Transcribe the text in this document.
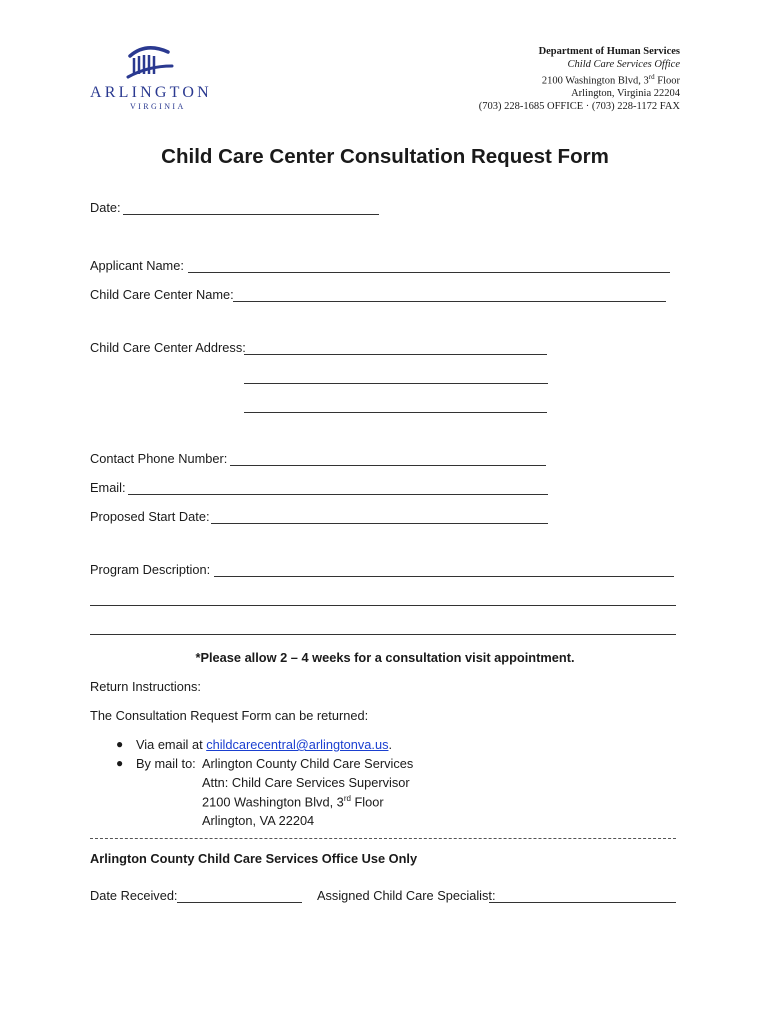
ARLINGTON
VIRGINIA
Department of Human Services
Child Care Services Office
2100 Washington Blvd, 3rd Floor
Arlington, Virginia 22204
(703) 228-1685 OFFICE · (703) 228-1172 FAX
Child Care Center Consultation Request Form
Date:
Applicant Name:
Child Care Center Name:
Child Care Center Address:
Contact Phone Number:
Email:
Proposed Start Date:
Program Description:
*Please allow 2 – 4 weeks for a consultation visit appointment.
Return Instructions:
The Consultation Request Form can be returned:
● Via email at childcarecentral@arlingtonva.us.
● By mail to: Arlington County Child Care Services
Attn: Child Care Services Supervisor
2100 Washington Blvd, 3rd Floor
Arlington, VA 22204
Arlington County Child Care Services Office Use Only
Date Received:	Assigned Child Care Specialist:
